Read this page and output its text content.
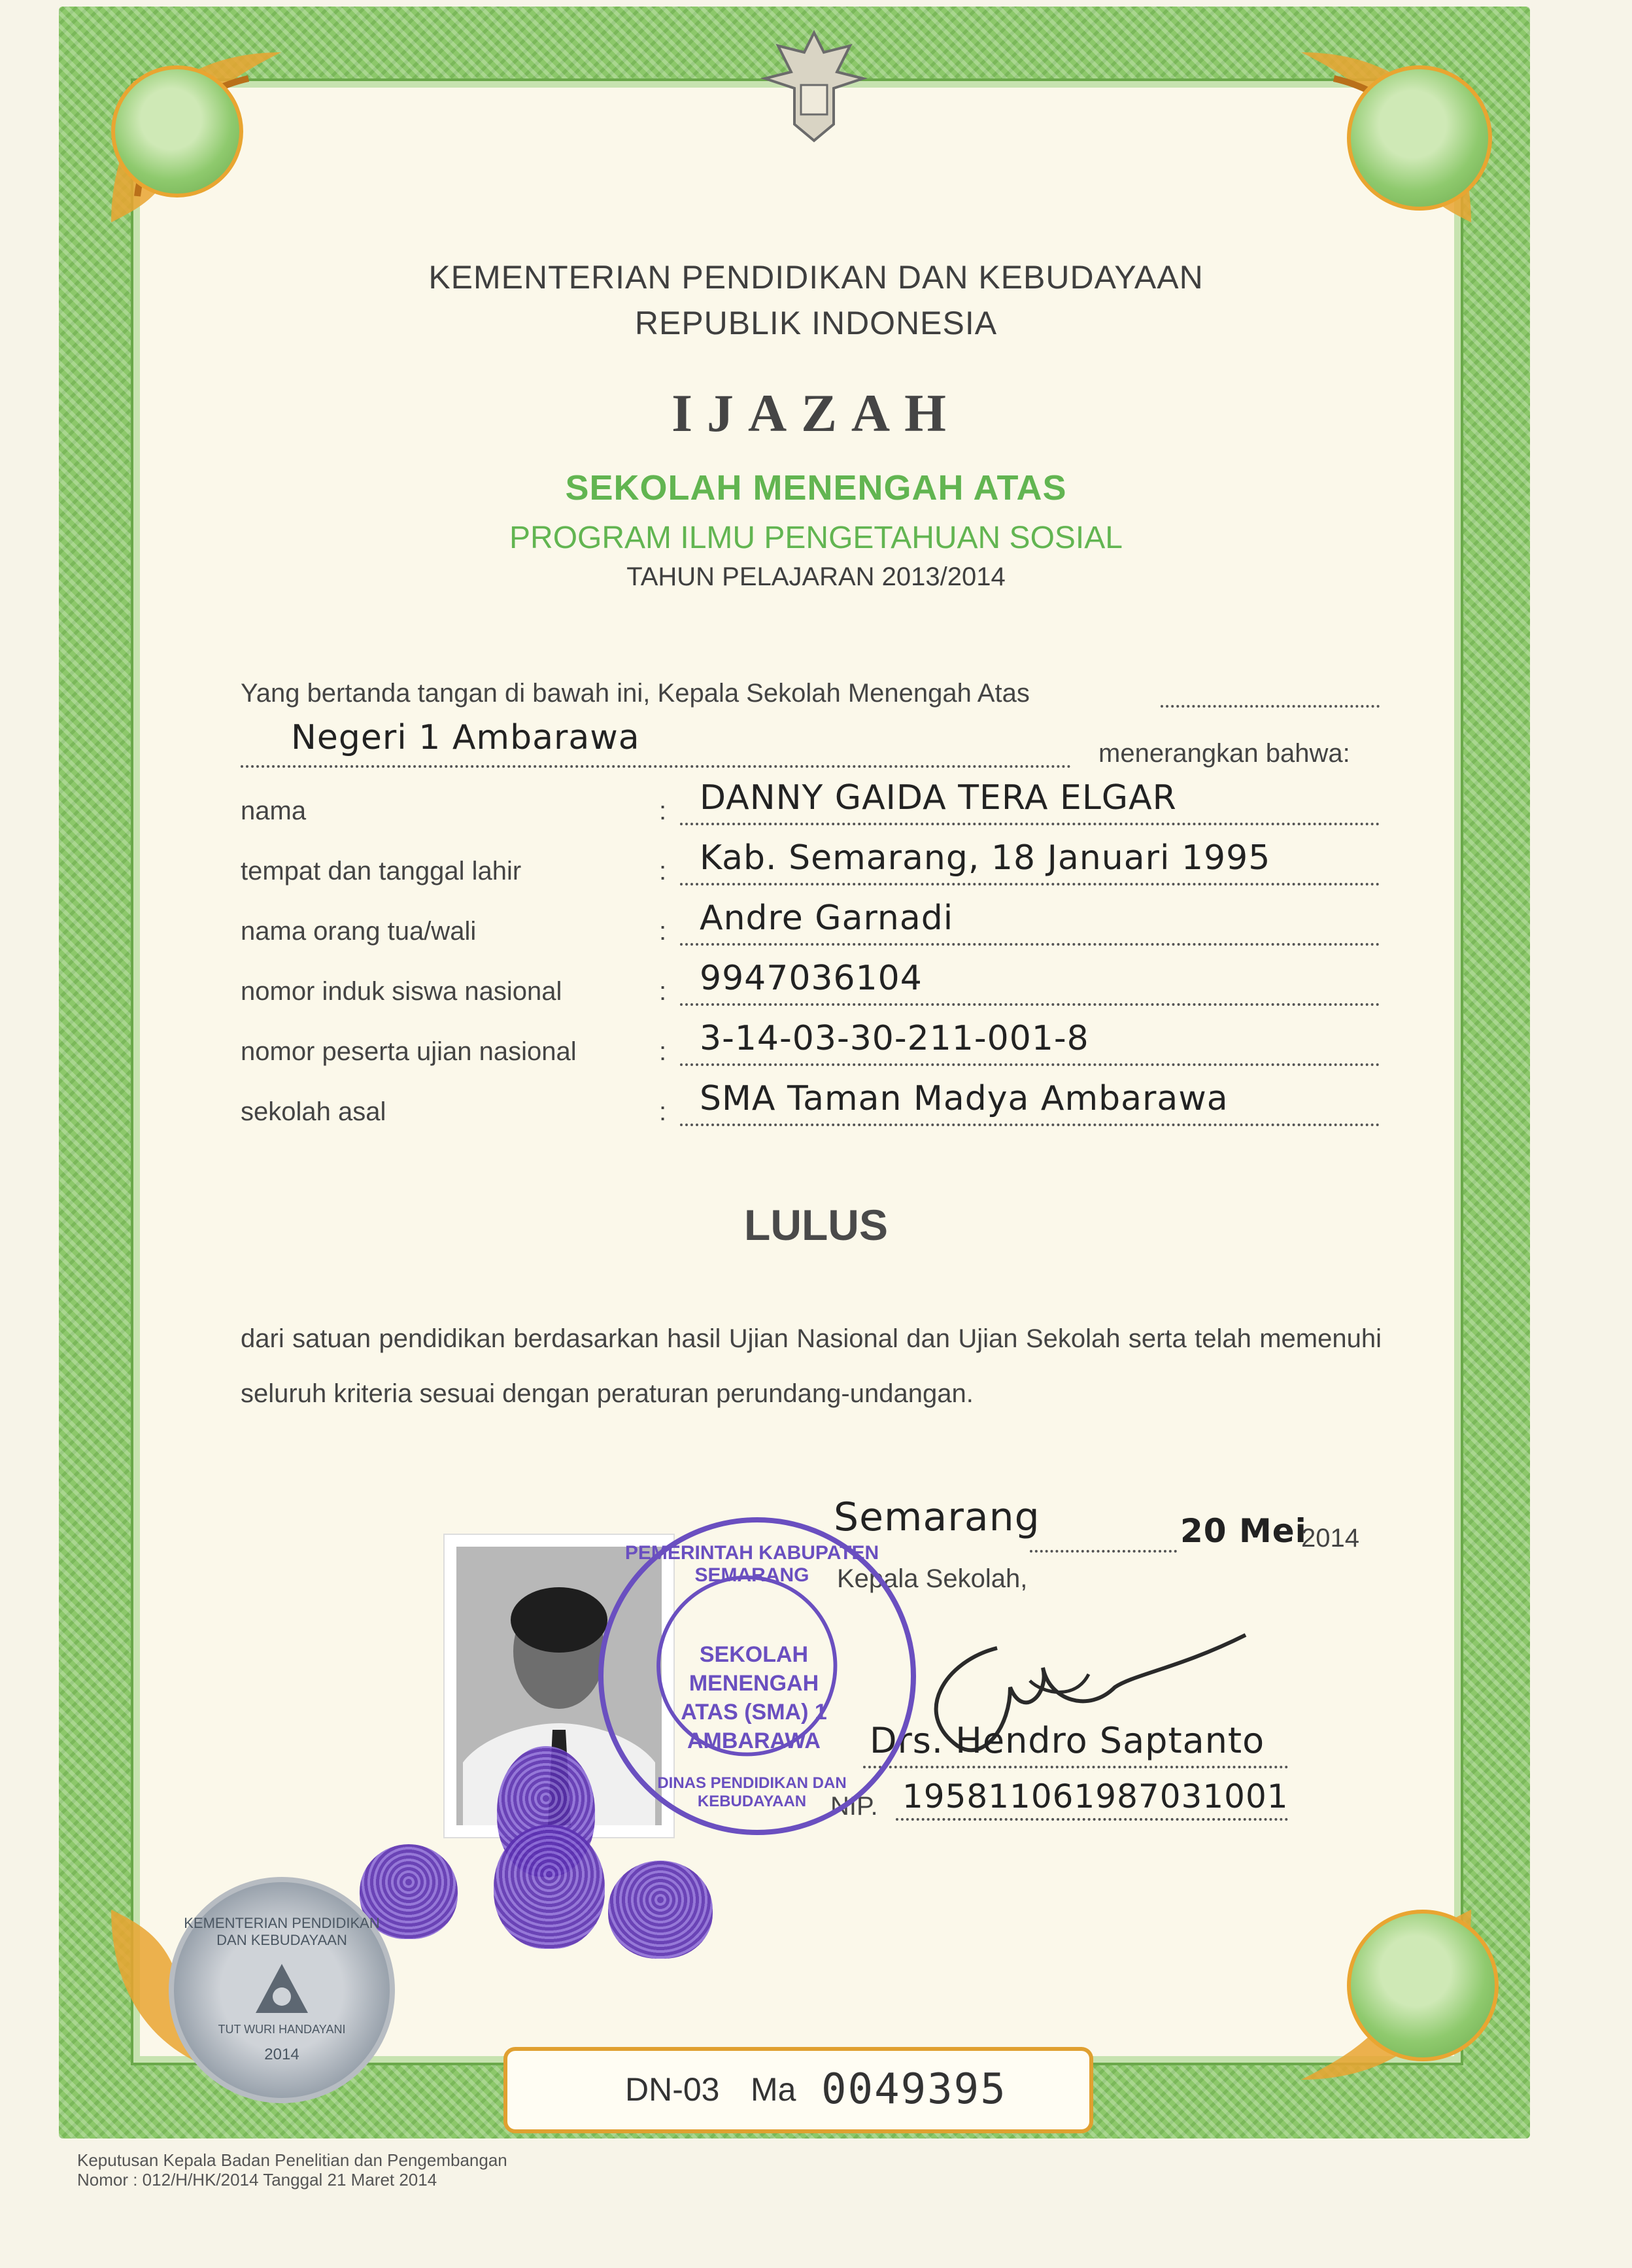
KEMENTERIAN PENDIDIKAN DAN KEBUDAYAAN
REPUBLIK INDONESIA
IJAZAH
SEKOLAH MENENGAH ATAS
PROGRAM ILMU PENGETAHUAN SOSIAL
TAHUN PELAJARAN 2013/2014
Yang bertanda tangan di bawah ini, Kepala Sekolah Menengah Atas
Negeri 1 Ambarawa	menerangkan bahwa:
nama	: DANNY GAIDA TERA ELGAR
tempat dan tanggal lahir	: Kab. Semarang, 18 Januari 1995
nama orang tua/wali	: Andre Garnadi
nomor induk siswa nasional	: 9947036104
nomor peserta ujian nasional	: 3-14-03-30-211-001-8
sekolah asal	: SMA Taman Madya Ambarawa
LULUS
dari satuan pendidikan berdasarkan hasil Ujian Nasional dan Ujian Sekolah serta telah memenuhi seluruh kriteria sesuai dengan peraturan perundang-undangan.
Semarang	20 Mei
2014
Kepala Sekolah,
Drs. Hendro Saptanto
NIP. 195811061987031001
PEMERINTAH KABUPATEN SEMARANG
SEKOLAH MENENGAH
ATAS (SMA) 1
AMBARAWA
DINAS PENDIDIKAN DAN KEBUDAYAAN
KEMENTERIAN PENDIDIKAN DAN KEBUDAYAAN
TUT WURI HANDAYANI
2014
DN-03 Ma 0049395
Keputusan Kepala Badan Penelitian dan Pengembangan
Nomor : 012/H/HK/2014 Tanggal 21 Maret 2014
